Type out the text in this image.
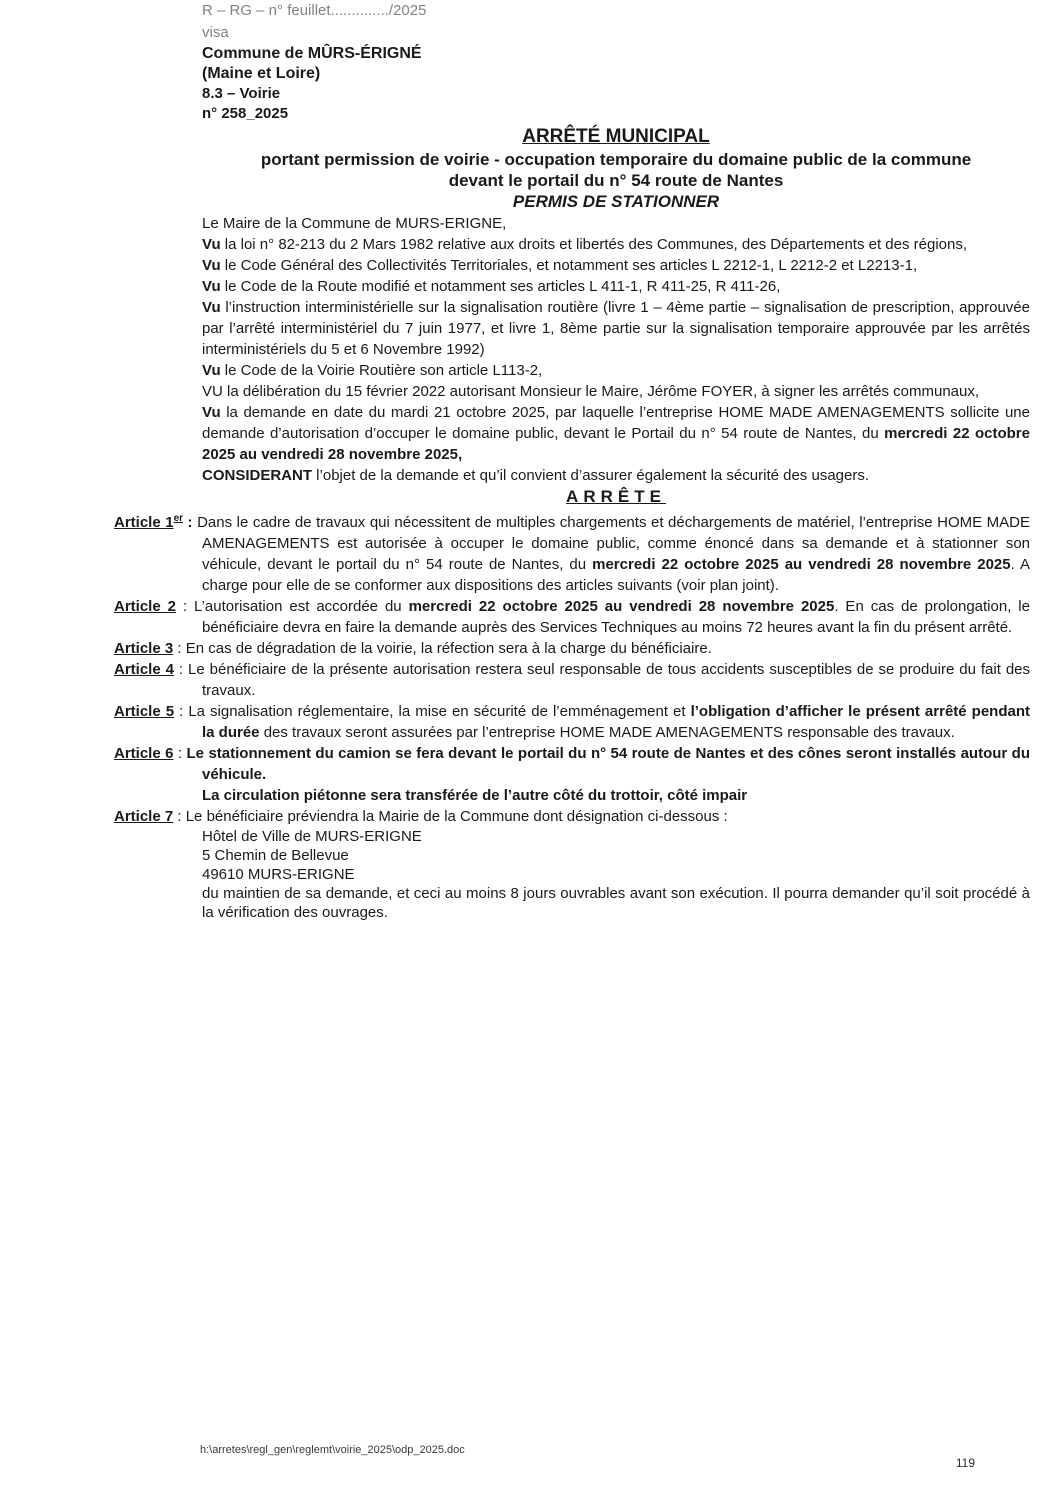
R – RG – n° feuillet............../2025
visa
Commune de MÛRS-ÉRIGNÉ
(Maine et Loire)
8.3 – Voirie
n° 258_2025
ARRÊTÉ MUNICIPAL
portant permission de voirie - occupation temporaire du domaine public de la commune
devant le portail du n° 54 route de Nantes
PERMIS DE STATIONNER
Le Maire de la Commune de MURS-ERIGNE,

Vu la loi n° 82-213 du 2 Mars 1982 relative aux droits et libertés des Communes, des Départements et des régions,

Vu le Code Général des Collectivités Territoriales, et notamment ses articles L 2212-1, L 2212-2 et L2213-1,

Vu le Code de la Route modifié et notamment ses articles L 411-1, R 411-25, R 411-26,

Vu l’instruction interministérielle sur la signalisation routière (livre 1 – 4ème partie – signalisation de prescription, approuvée par l’arrêté interministériel du 7 juin 1977, et livre 1, 8ème partie sur la signalisation temporaire approuvée par les arrêtés interministériels du 5 et 6 Novembre 1992)

Vu le Code de la Voirie Routière son article L113-2,

VU la délibération du 15 février 2022 autorisant Monsieur le Maire, Jérôme FOYER, à signer les arrêtés communaux,

Vu la demande en date du mardi 21 octobre 2025, par laquelle l’entreprise HOME MADE AMENAGEMENTS sollicite une demande d’autorisation d’occuper le domaine public, devant le Portail du n° 54 route de Nantes, du mercredi 22 octobre 2025 au vendredi 28 novembre 2025,

CONSIDERANT l’objet de la demande et qu’il convient d’assurer également la sécurité des usagers.

ARRÊTE

Article 1er : Dans le cadre de travaux qui nécessitent de multiples chargements et déchargements de matériel, l’entreprise HOME MADE AMENAGEMENTS est autorisée à occuper le domaine public, comme énoncé dans sa demande et à stationner son véhicule, devant le portail du n° 54 route de Nantes, du mercredi 22 octobre 2025 au vendredi 28 novembre 2025. A charge pour elle de se conformer aux dispositions des articles suivants (voir plan joint).

Article 2 : L’autorisation est accordée du mercredi 22 octobre 2025 au vendredi 28 novembre 2025. En cas de prolongation, le bénéficiaire devra en faire la demande auprès des Services Techniques au moins 72 heures avant la fin du présent arrêté.

Article 3 : En cas de dégradation de la voirie, la réfection sera à la charge du bénéficiaire.

Article 4 : Le bénéficiaire de la présente autorisation restera seul responsable de tous accidents susceptibles de se produire du fait des travaux.

Article 5 : La signalisation réglementaire, la mise en sécurité de l’emménagement et l’obligation d’afficher le présent arrêté pendant la durée des travaux seront assurées par l’entreprise HOME MADE AMENAGEMENTS responsable des travaux.

Article 6 : Le stationnement du camion se fera devant le portail du n° 54 route de Nantes et des cônes seront installés autour du véhicule.

La circulation piétonne sera transférée de l’autre côté du trottoir, côté impair

Article 7 : Le bénéficiaire préviendra la Mairie de la Commune dont désignation ci-dessous :

Hôtel de Ville de MURS-ERIGNE
5 Chemin de Bellevue
49610 MURS-ERIGNE

du maintien de sa demande, et ceci au moins 8 jours ouvrables avant son exécution. Il pourra demander qu’il soit procédé à la vérification des ouvrages.

h:\arretes\regl_gen\reglemt\voirie_2025\odp_2025.doc
119
